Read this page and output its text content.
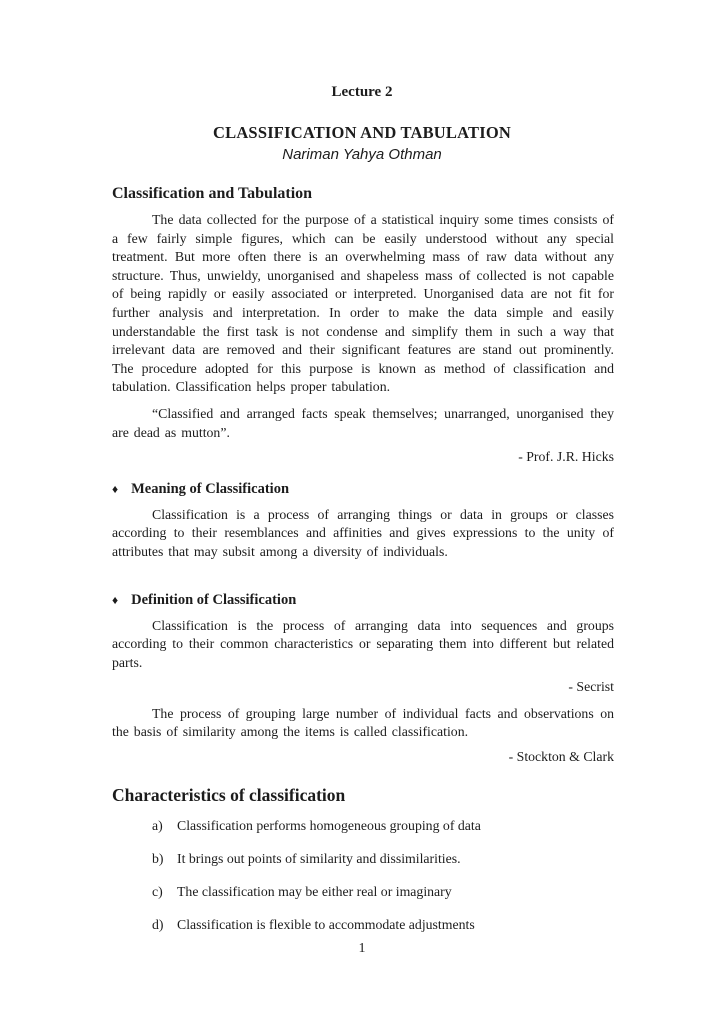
Lecture 2
CLASSIFICATION AND TABULATION
Nariman Yahya Othman
Classification and Tabulation

The data collected for the purpose of a statistical inquiry some times consists of a few fairly simple figures, which can be easily understood without any special treatment. But more often there is an overwhelming mass of raw data without any structure. Thus, unwieldy, unorganised and shapeless mass of collected is not capable of being rapidly or easily associated or interpreted. Unorganised data are not fit for further analysis and interpretation. In order to make the data simple and easily understandable the first task is not condense and simplify them in such a way that irrelevant data are removed and their significant features are stand out prominently. The procedure adopted for this purpose is known as method of classification and tabulation. Classification helps proper tabulation.

“Classified and arranged facts speak themselves; unarranged, unorganised they are dead as mutton”.

- Prof. J.R. Hicks

♦ Meaning of Classification

Classification is a process of arranging things or data in groups or classes according to their resemblances and affinities and gives expressions to the unity of attributes that may subsit among a diversity of individuals.

♦ Definition of Classification

Classification is the process of arranging data into sequences and groups according to their common characteristics or separating them into different but related parts.

- Secrist

The process of grouping large number of individual facts and observations on the basis of similarity among the items is called classification.

- Stockton & Clark

Characteristics of classification
a)	Classification performs homogeneous grouping of data
b) It brings out points of similarity and dissimilarities.
c)	The classification may be either real or imaginary
d) Classification is flexible to accommodate adjustments
1
